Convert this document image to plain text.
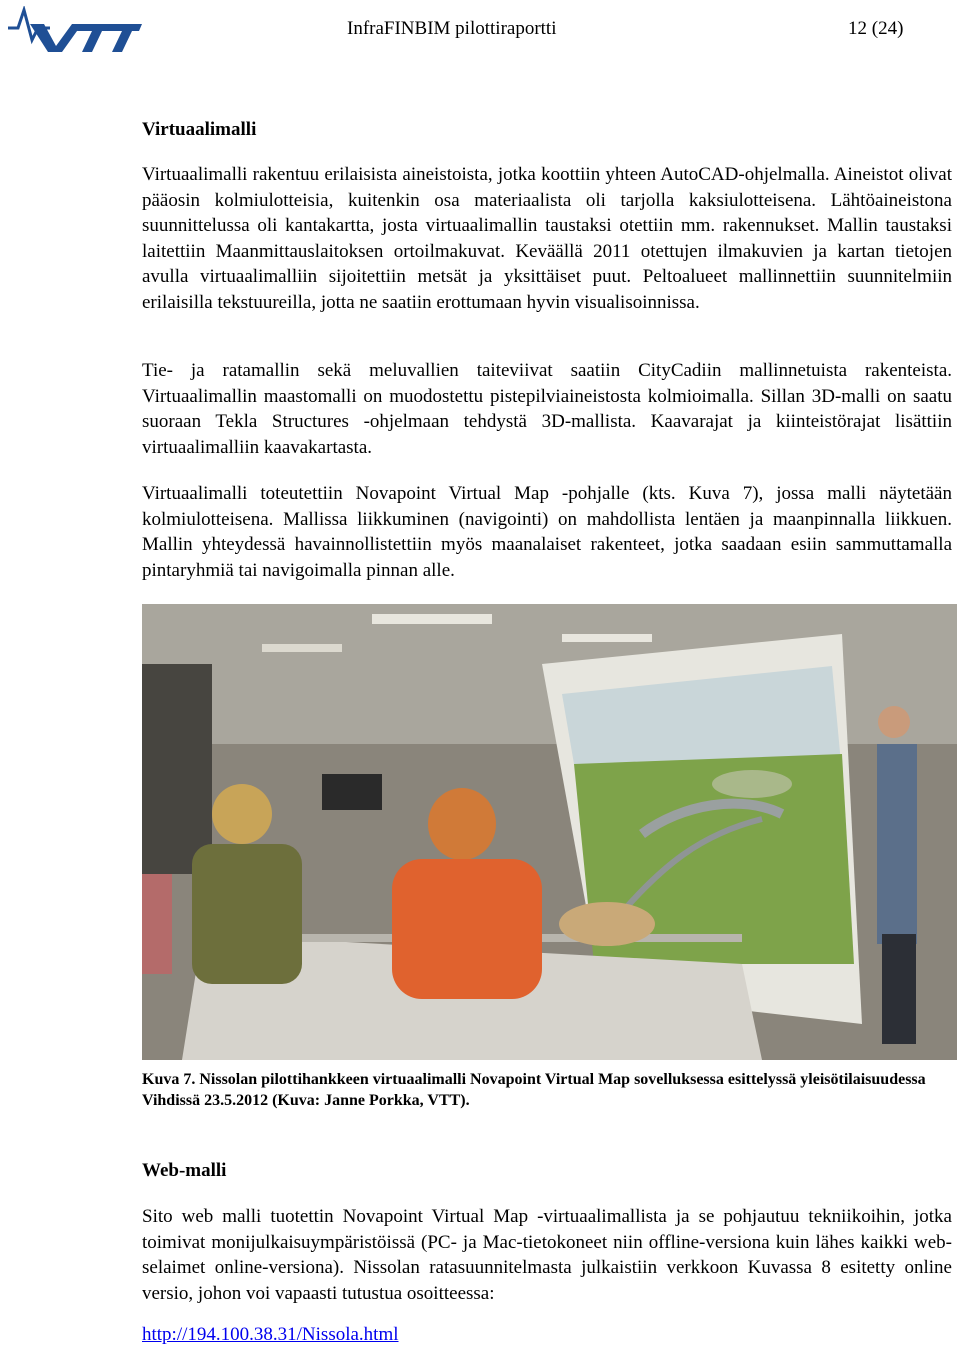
InfraFINBIM pilottiraportti	12 (24)
Virtuaalimalli

Virtuaalimalli rakentuu erilaisista aineistoista, jotka koottiin yhteen AutoCAD-ohjelmalla. Aineistot olivat pääosin kolmiulotteisia, kuitenkin osa materiaalista oli tarjolla kaksiulotteisena. Lähtöaineistona suunnittelussa oli kantakartta, josta virtuaalimallin taustaksi otettiin mm. rakennukset. Mallin taustaksi laitettiin Maanmittauslaitoksen ortoilmakuvat. Keväällä 2011 otettujen ilmakuvien ja kartan tietojen avulla virtuaalimalliin sijoitettiin metsät ja yksittäiset puut. Peltoalueet mallinnettiin suunnitelmiin erilaisilla tekstuureilla, jotta ne saatiin erottumaan hyvin visualisoinnissa.

Tie- ja ratamallin sekä meluvallien taiteviivat saatiin CityCadiin mallinnetuista rakenteista. Virtuaalimallin maastomalli on muodostettu pistepilviaineistosta kolmioimalla. Sillan 3D-malli on saatu suoraan Tekla Structures -ohjelmaan tehdystä 3D-mallista. Kaavarajat ja kiinteistörajat lisättiin virtuaalimalliin kaavakartasta.

Virtuaalimalli toteutettiin Novapoint Virtual Map -pohjalle (kts. Kuva 7), jossa malli näytetään kolmiulotteisena. Mallissa liikkuminen (navigointi) on mahdollista lentäen ja maanpinnalla liikkuen. Mallin yhteydessä havainnollistettiin myös maanalaiset rakenteet, jotka saadaan esiin sammuttamalla pintaryhmiä tai navigoimalla pinnan alle.

Kuva 7. Nissolan pilottihankkeen virtuaalimalli Novapoint Virtual Map sovelluksessa esittelyssä yleisötilaisuudessa Vihdissä 23.5.2012 (Kuva: Janne Porkka, VTT).
Web-malli

Sito web malli tuotettin Novapoint Virtual Map -virtuaalimallista ja se pohjautuu tekniikoihin, jotka toimivat monijulkaisuympäristöissä (PC- ja Mac-tietokoneet niin offline-versiona kuin lähes kaikki web-selaimet online-versiona). Nissolan ratasuunnitelmasta julkaistiin verkkoon Kuvassa 8 esitetty online versio, johon voi vapaasti tutustua osoitteessa:

http://194.100.38.31/Nissola.html
